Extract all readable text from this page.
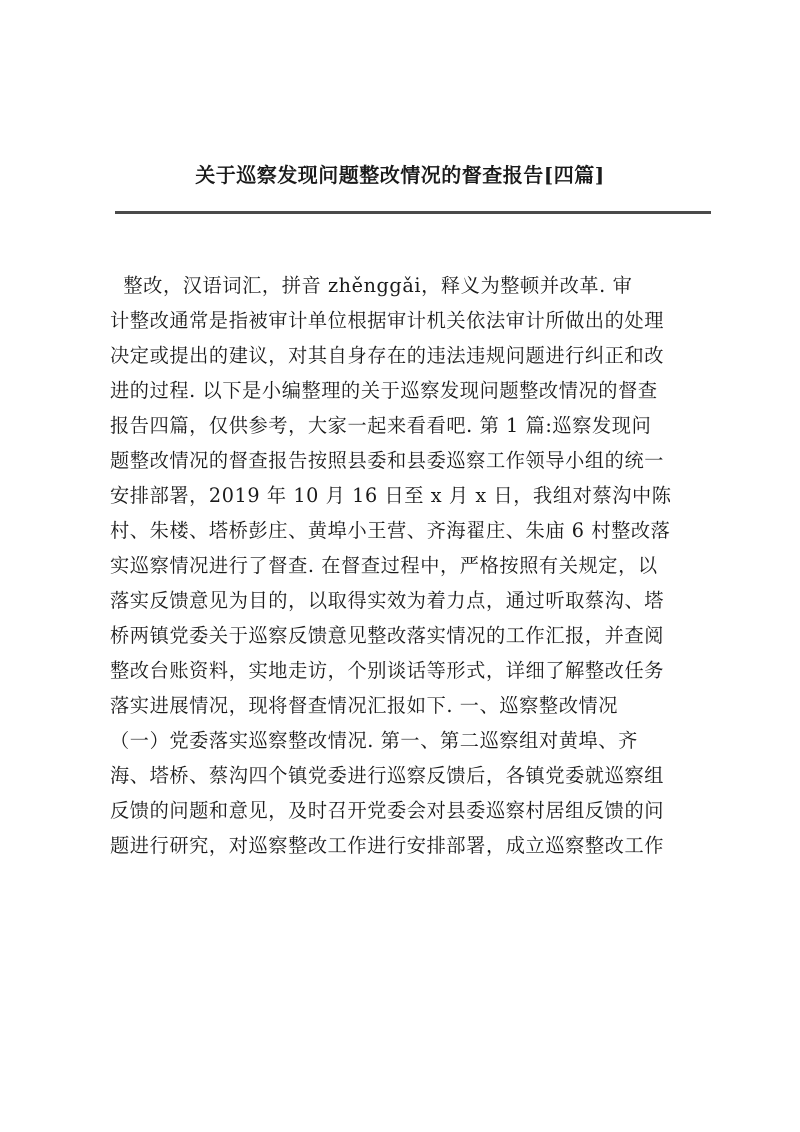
关于巡察发现问题整改情况的督查报告[四篇]
整改，汉语词汇，拼音 zhěnggǎi，释义为整顿并改革. 审
计整改通常是指被审计单位根据审计机关依法审计所做出的处理
决定或提出的建议，对其自身存在的违法违规问题进行纠正和改
进的过程. 以下是小编整理的关于巡察发现问题整改情况的督查
报告四篇，仅供参考，大家一起来看看吧. 第 1 篇:巡察发现问
题整改情况的督查报告按照县委和县委巡察工作领导小组的统一
安排部署，2019 年 10 月 16 日至 x 月 x 日，我组对蔡沟中陈
村、朱楼、塔桥彭庄、黄埠小王营、齐海翟庄、朱庙 6 村整改落
实巡察情况进行了督查. 在督查过程中，严格按照有关规定，以
落实反馈意见为目的，以取得实效为着力点，通过听取蔡沟、塔
桥两镇党委关于巡察反馈意见整改落实情况的工作汇报，并查阅
整改台账资料，实地走访，个别谈话等形式，详细了解整改任务
落实进展情况，现将督查情况汇报如下. 一、巡察整改情况
（一）党委落实巡察整改情况. 第一、第二巡察组对黄埠、齐
海、塔桥、蔡沟四个镇党委进行巡察反馈后，各镇党委就巡察组
反馈的问题和意见，及时召开党委会对县委巡察村居组反馈的问
题进行研究，对巡察整改工作进行安排部署，成立巡察整改工作
